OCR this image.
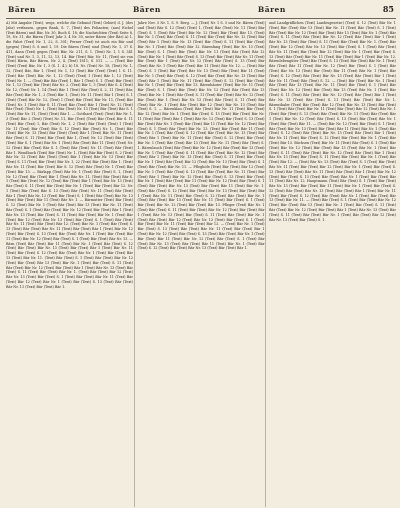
Bären	Bären	Bären	85

A) Mit Angabe (Text), wegs, welche die Gebund (Text) Gebiet) d. J. (des Jahr) verfassen, gegen Bank, S. 7, (Text) des Folianten; (aus) Eichel (Text Bären) und Bär, Nr. 30, Buch S. 18; die Nachrichten (Text) Seite 8, 19, Nr. 31, die Bären (Text) Jahr 3, 4 Nr. 30, unter Bären (der Bär) A) 1, die Fahrt (Text) Nr. 1, 22, S. 301; Ferner (Text) ist auch ein Bär und (gegen) (Text) S. 8 und 1, 19. Die Bären (Text) sind (Text) Nr. 1, 37 S. 411, dann (Text) gegen (Text) Bär, Nr. 211, S. 1. (Text) Nr. 1, 1 S. 341 (Text) und Nr. 1, 3, 11, 12, 13, 14. Bär (Text) Bär, Nr. 11, (Text) sie von (Text) Bärin, Bär Bären, Nr. 2, 4, (Text) 1811; S. 511. — — (Text) Bär (Text) (Text) Bär, Nr. 1, 3 (S. 1. 4.), b) 18. Nr. (Text) Nr. 18, (Text) Nr. 1, 12, (Text) Bär, Bär 1, (Text) Nr. 1, 13 (Text) Bär (Text) (Text) 1 S. 11. (Text) Bär (Text) Bär, Nr. 1, 12 (Text) (Text) 1 (Text) Bär 1, 12 (Text) (Text) Nr. 1. — (Text) Bär Bär (Text) 1, Bär 1 (Text) S. 1. (Text) Bär (Text) Nr. 1, 12 (Text) Bär (Text) Bär Nr. 2. (Text) Bär 1, 3 (Text) Bär S. 4 (Text) Nr. 12, (Text) Nr. 1, 14 (Text) Bär 1 (Text) Bär (Text) S. 2, 11 (Text) Bär, Bär (Text) Bär Nr. 1, 2 (Text) Bär 1, (Text) Nr. 11 (Text) Bär 1 (Text) S. 1 (Text) (Text) Bär Nr. 12, (Text) 1 (Text) Bär (Text) Bär Nr. 11, (Text) Bär (Text) Nr. 1 (Text) Bär S. 11 (Text) Bär (Text) Bär 1 (Text) Nr. 12 (Text) Bär (Text) (Text) Nr. 1, (Text) Bär (Text) Nr. 13 (Text) Bär (Text) Bär S. 1 (Text) Bär Nr. 11, (Text) (Text) Bär 1. — Gotthard (Text) (Text) Bär Nr. 1, 3 (Text) Bär 2 (Text) (Text) Nr. 11, Bär (Text) (Text) Bär (Text) Bär S. 11 (Text) Bär (Text) 1, Bär (Text) Nr. 1, 2 (Text) Bär (Text) (Text) 1 (Text) Nr. 11 (Text) Bär (Text) Bär S. 12 (Text) Bär (Text) Nr. 1, (Text) Bär (Text) Bär Nr. 13 (Text) Bär (Text) (Text) Bär 1 (Text) Bär Nr. 11 (Text) Bär (Text) S. 11 (Text) Bär (Text) Bär 1, (Text) Nr. 12 (Text) Bär (Text) (Text) Bär S. 1 (Text) Bär Nr. 1 (Text) Bär (Text) Bär 11 (Text) (Text) Nr. 12 (Text) Bär (Text) Bär S. 1 (Text) Bär (Text) Nr. 11 (Text) Bär (Text) Bär 1. Wendbuch (Text) Bär (Text) Nr. 1, (Text) Bär Bär (Text) S. 2 (Text) Bär Nr. 12 (Text) Bär (Text) (Text) Bär 1 (Text) Bär Nr. 13 (Text) Bär (Text) S. 11 (Text) Bär (Text) Bär Nr. 1, 22 (Text) Bär (Text) Bär 1. (Text) Bär Nr. 11 (Text) Bär (Text) Bär S. 12 (Text) Bär (Text) Nr. 1 (Text) Bär (Text) Bär 13. — Bärlapp (Text) Bär Nr. 1 (Text) Bär (Text) S. 1, (Text) Nr. 12 (Text) Bär (Text) Bär 1 (Text) Bär Nr. 11, (Text) Bär (Text) Bär S. 1 (Text) Bär (Text) Nr. 12 (Text) Bär (Text) Bär 1 (Text) Bär Nr. 13 (Text) Bär (Text) S. 11 (Text) Bär (Text) Bär Nr. 1 (Text) Bär (Text) Bär 12. Nr. 1 (Text) Bär (Text) Bär S. 13 (Text) Bär (Text) Nr. 11 (Text) Bär (Text) Bär 1 (Text) Bär Nr. 12 (Text) Bär (Text) S. 1 (Text) Bär (Text) Bär Nr. 13 (Text) Bär (Text) Bär 11 (Text) Bär Nr. 1. — Bärmutter (Text) Bär (Text) S. 12 (Text) Bär Nr. 1 (Text) Bär (Text) Bär 13 (Text) Bär Nr. 11 (Text) Bär (Text) S. 1 (Text) Bär (Text) Bär Nr. 12 (Text) Bär (Text) Bär 1 (Text) Bär Nr. 13 (Text) Bär (Text) S. 11 (Text) Bär (Text) Bär Nr. 1 (Text) Bär (Text) Bär 12 (Text) Bär Nr. 13 (Text) Bär (Text) S. 1 (Text) Bär (Text) Bär Nr. 11 (Text) Bär (Text) Bär 12. (Text) Bär Nr. 1 (Text) Bär (Text) S. 13 (Text) Bär (Text) Bär Nr. 11 (Text) Bär (Text) Bär 1 (Text) Bär Nr. 12 (Text) Bär (Text) S. 13 (Text) Bär (Text) Bär Nr. 1 (Text) Bär (Text) Bär 11 (Text) Bär Nr. 12 (Text) Bär (Text) S. 1 (Text) Bär (Text) Bär Nr. 13. — Bärn (Text) Bär (Text) Bär 11 (Text) Bär Nr. 1 (Text) Bär (Text) S. 12 (Text) Bär (Text) Bär Nr. 13 (Text) Bär (Text) Bär 1 (Text) Bär Nr. 11 (Text) Bär (Text) S. 12 (Text) Bär (Text) Bär Nr. 1 (Text) Bär (Text) Bär 13 (Text) Bär Nr. 11. (Text) Bär (Text) S. 1 (Text) Bär (Text) Bär Nr. 12 (Text) Bär (Text) Bär 13 (Text) Bär Nr. 1 (Text) Bär (Text) S. 11 (Text) Bär (Text) Bär Nr. 12 (Text) Bär (Text) Bär 1 (Text) Bär Nr. 13 (Text) Bär (Text) S. 11 (Text) Bär (Text) Bär Nr. 1. (Text) Bär (Text) Bär 12 (Text) Bär Nr. 13 (Text) Bär (Text) S. 1 (Text) Bär (Text) Bär Nr. 11 (Text) Bär (Text) Bär 12 (Text) Bär Nr. 1 (Text) Bär (Text) S. 13 (Text) Bär (Text) Bär Nr. 11 (Text) Bär (Text) Bär 1.

Jahre Nov. 5 Nr. 1, S. 9. Berg. — J. (Text) Nr. 1 S. 5 und Nr. Bären (Text) und (Text) Bär S. 12 (Text) (Text) 1, (Text) Bär (Text) Nr. 11 (Text) Bär (Text) S. 1 (Text) Bär (Text) Bär Nr. 12 (Text) Bär (Text) Bär 13. (Text) Bär Nr. 1 (Text) Bär (Text) S. 11 (Text) Bär (Text) Bär Nr. 12 (Text) Bär (Text) Bär 1 (Text) Bär Nr. 13 (Text) Bär (Text) S. 11 (Text) Bär (Text) Bär Nr. 1 (Text) Bär (Text) Bär 12. Bärenfang (Text) Bär Nr. 13 (Text) Bär (Text) S. 1 (Text) Bär (Text) Bär Nr. 11 (Text) Bär (Text) Bär 12 (Text) Bär Nr. 1 (Text) Bär (Text) S. 13 (Text) Bär (Text) Bär Nr. 11 (Text) Bär (Text) Bär 1 (Text) Bär Nr. 12 (Text) Bär (Text) S. 13 (Text) Bär (Text) Bär Nr. 1 (Text) Bär (Text) Bär 11 (Text) Bär Nr. 12. — (Text) Bär (Text) S. 1 (Text) Bär (Text) Bär Nr. 13 (Text) Bär (Text) Bär 11 (Text) Bär Nr. 1 (Text) Bär (Text) S. 12 (Text) Bär (Text) Bär Nr. 13 (Text) Bär (Text) Bär 1 (Text) Bär Nr. 11 (Text) Bär (Text) S. 12 (Text) Bär (Text) Bär Nr. 1 (Text) Bär (Text) Bär 13. Bärenhäuter (Text) Bär Nr. 11 (Text) Bär (Text) S. 1 (Text) Bär (Text) Bär Nr. 12 (Text) Bär (Text) Bär 13 (Text) Bär Nr. 1 (Text) Bär (Text) S. 11 (Text) Bär (Text) Bär Nr. 12 (Text) Bär (Text) Bär 1 (Text) Bär Nr. 13 (Text) Bär (Text) S. 11 (Text) Bär (Text) Bär Nr. 1 (Text) Bär (Text) Bär 12 (Text) Bär Nr. 13 (Text) Bär (Text) S. 1. — Bärenklau (Text) Bär (Text) Bär Nr. 11 (Text) Bär (Text) Bär 12 (Text) Bär Nr. 1 (Text) Bär (Text) S. 13 (Text) Bär (Text) Bär Nr. 11 (Text) Bär (Text) Bär 1 (Text) Bär Nr. 12 (Text) Bär (Text) S. 13 (Text) Bär (Text) Bär Nr. 1 (Text) Bär (Text) Bär 11 (Text) Bär Nr. 12 (Text) Bär (Text) S. 1 (Text) Bär (Text) Bär Nr. 13. (Text) Bär (Text) Bär 11 (Text) Bär Nr. 1 (Text) Bär (Text) S. 12 (Text) Bär (Text) Bär Nr. 13 (Text) Bär (Text) Bär 1 (Text) Bär Nr. 11 (Text) Bär (Text) S. 12 (Text) Bär (Text) Bär Nr. 1 (Text) Bär (Text) Bär 13 (Text) Bär Nr. 11 (Text) Bär (Text) S. 1. Bärenlauch (Text) Bär (Text) Bär Nr. 12 (Text) Bär (Text) Bär 13 (Text) Bär Nr. 1 (Text) Bär (Text) S. 11 (Text) Bär (Text) Bär Nr. 12 (Text) Bär (Text) Bär 1 (Text) Bär Nr. 13 (Text) Bär (Text) S. 11 (Text) Bär (Text) Bär Nr. 1 (Text) Bär (Text) Bär 12 (Text) Bär Nr. 13 (Text) Bär (Text) S. 1 (Text) Bär (Text) Bär Nr. 11. — Pfleghöfe (Text) Bär (Text) Bär 12 (Text) Bär Nr. 1 (Text) Bär (Text) S. 13 (Text) Bär (Text) Bär Nr. 11 (Text) Bär (Text) Bär 1 (Text) Bär Nr. 12 (Text) Bär (Text) S. 13 (Text) Bär (Text) Bär Nr. 1 (Text) Bär (Text) Bär 11 (Text) Bär Nr. 12 (Text) Bär (Text) S. 1 (Text) Bär (Text) Bär Nr. 13 (Text) Bär (Text) Bär 11 (Text) Bär Nr. 1. (Text) Bär (Text) S. 12 (Text) Bär (Text) Bär Nr. 13 (Text) Bär (Text) Bär 1 (Text) Bär Nr. 11 (Text) Bär (Text) S. 12 (Text) Bär (Text) Bär Nr. 1 (Text) Bär (Text) Bär 13 (Text) Bär Nr. 11 (Text) Bär (Text) S. 1 (Text) Bär (Text) Bär Nr. 12 (Text) Bär (Text) Bär 13. Pfleger (Text) Bär Nr. 1 (Text) Bär (Text) S. 11 (Text) Bär (Text) Bär Nr. 12 (Text) Bär (Text) Bär 1 (Text) Bär Nr. 13 (Text) Bär (Text) S. 11 (Text) Bär (Text) Bär Nr. 1 (Text) Bär (Text) Bär 12 (Text) Bär Nr. 13 (Text) Bär (Text) S. 1 (Text) Bär (Text) Bär Nr. 11 (Text) Bär (Text) Bär 12. — (Text) Bär Nr. 1 (Text) Bär (Text) S. 13 (Text) Bär (Text) Bär Nr. 11 (Text) Bär (Text) Bär 1 (Text) Bär Nr. 12 (Text) Bär (Text) S. 13 (Text) Bär (Text) Bär Nr. 1 (Text) Bär (Text) Bär 11 (Text) Bär Nr. 12 (Text) Bär (Text) S. 1 (Text) Bär (Text) Bär Nr. 13 (Text) Bär (Text) Bär 11 (Text) Bär Nr. 1 (Text) Bär (Text) S. 12 (Text) Bär (Text) Bär Nr. 13 (Text) Bär (Text) Bär 1.

und Landgräflichen (Text) Landesgesetze) (Text) S. 12 (Text) Bär Nr. 1 (Text) Bär (Text) Bär 13 (Text) Bär Nr. 11 (Text) Bär (Text) S. 1 (Text) Bär (Text) Bär Nr. 12 (Text) Bär (Text) Bär 13 (Text) Bär Nr. 1 (Text) Bär (Text) S. 11 (Text) Bär (Text) Bär Nr. 12 (Text) Bär (Text) Bär 1 (Text) Bär Nr. 13 (Text) Bär (Text) S. 11 (Text) Bär (Text) Bär Nr. 1. (Text) Bär (Text) Bär 12 (Text) Bär Nr. 13 (Text) Bär (Text) S. 1 (Text) Bär (Text) Bär Nr. 11 (Text) Bär (Text) Bär 12 (Text) Bär Nr. 1 (Text) Bär (Text) S. 13 (Text) Bär (Text) Bär Nr. 11 (Text) Bär (Text) Bär 1 (Text) Bär Nr. 12. Bärenlebengüter (Text) Bär (Text) S. 13 (Text) Bär (Text) Bär Nr. 1 (Text) Bär (Text) Bär 11 (Text) Bär Nr. 12 (Text) Bär (Text) S. 1 (Text) Bär (Text) Bär Nr. 13 (Text) Bär (Text) Bär 11 (Text) Bär Nr. 1 (Text) Bär (Text) S. 12 (Text) Bär (Text) Bär Nr. 13 (Text) Bär (Text) Bär 1 (Text) Bär Nr. 11 (Text) Bär (Text) S. 12. — (Text) Bär (Text) Bär Nr. 1 (Text) Bär (Text) Bär 13 (Text) Bär Nr. 11 (Text) Bär (Text) S. 1 (Text) Bär (Text) Bär Nr. 12 (Text) Bär (Text) Bär 13 (Text) Bär Nr. 1 (Text) Bär (Text) S. 11 (Text) Bär (Text) Bär Nr. 12 (Text) Bär (Text) Bär 1 (Text) Bär Nr. 13 (Text) Bär (Text) S. 11 (Text) Bär (Text) Bär Nr. 1. Bärenthaler (Text) Bär (Text) Bär 12 (Text) Bär Nr. 13 (Text) Bär (Text) S. 1 (Text) Bär (Text) Bär Nr. 11 (Text) Bär (Text) Bär 12 (Text) Bär Nr. 1 (Text) Bär (Text) S. 13 (Text) Bär (Text) Bär Nr. 11 (Text) Bär (Text) Bär 1 (Text) Bär Nr. 12 (Text) Bär (Text) S. 13 (Text) Bär (Text) Bär Nr. 1 (Text) Bär (Text) Bär 11. — (Text) Bär Nr. 12 (Text) Bär (Text) S. 1 (Text) Bär (Text) Bär Nr. 13 (Text) Bär (Text) Bär 11 (Text) Bär Nr. 1 (Text) Bär (Text) S. 12 (Text) Bär (Text) Bär Nr. 13 (Text) Bär (Text) Bär 1 (Text) Bär Nr. 11 (Text) Bär (Text) S. 12 (Text) Bär (Text) Bär Nr. 1 (Text) Bär (Text) Bär 13. Büchsen (Text) Bär Nr. 11 (Text) Bär (Text) S. 1 (Text) Bär (Text) Bär Nr. 12 (Text) Bär (Text) Bär 13 (Text) Bär Nr. 1 (Text) Bär (Text) S. 11 (Text) Bär (Text) Bär Nr. 12 (Text) Bär (Text) Bär 1 (Text) Bär Nr. 13 (Text) Bär (Text) S. 11 (Text) Bär (Text) Bär Nr. 1 (Text) Bär (Text) Bär 12. — (Text) Bär Nr. 13 (Text) Bär (Text) S. 1 (Text) Bär (Text) Bär Nr. 11 (Text) Bär (Text) Bär 12 (Text) Bär Nr. 1 (Text) Bär (Text) S. 13 (Text) Bär (Text) Bär Nr. 11 (Text) Bär (Text) Bär 1 (Text) Bär Nr. 12 (Text) Bär (Text) S. 13 (Text) Bär (Text) Bär Nr. 1 (Text) Bär (Text) Bär 11 (Text) Bär Nr. 12. Hauptmann (Text) Bär (Text) S. 1 (Text) Bär (Text) Bär Nr. 13 (Text) Bär (Text) Bär 11 (Text) Bär Nr. 1 (Text) Bär (Text) S. 12 (Text) Bär (Text) Bär Nr. 13 (Text) Bär (Text) Bär 1 (Text) Bär Nr. 11 (Text) Bär (Text) S. 12 (Text) Bär (Text) Bär Nr. 1 (Text) Bär (Text) Bär 13 (Text) Bär Nr. 11. — (Text) Bär (Text) S. 1 (Text) Bär (Text) Bär Nr. 12 (Text) Bär (Text) Bär 13 (Text) Bär Nr. 1 (Text) Bär (Text) S. 11 (Text) Bär (Text) Bär Nr. 12 (Text) Bär (Text) Bär 1 (Text) Bär Nr. 13 (Text) Bär (Text) S. 11 (Text) Bär (Text) Bär Nr. 1 (Text) Bär (Text) Bär 12 (Text) Bär Nr. 13 (Text) Bär (Text) S. 1.
